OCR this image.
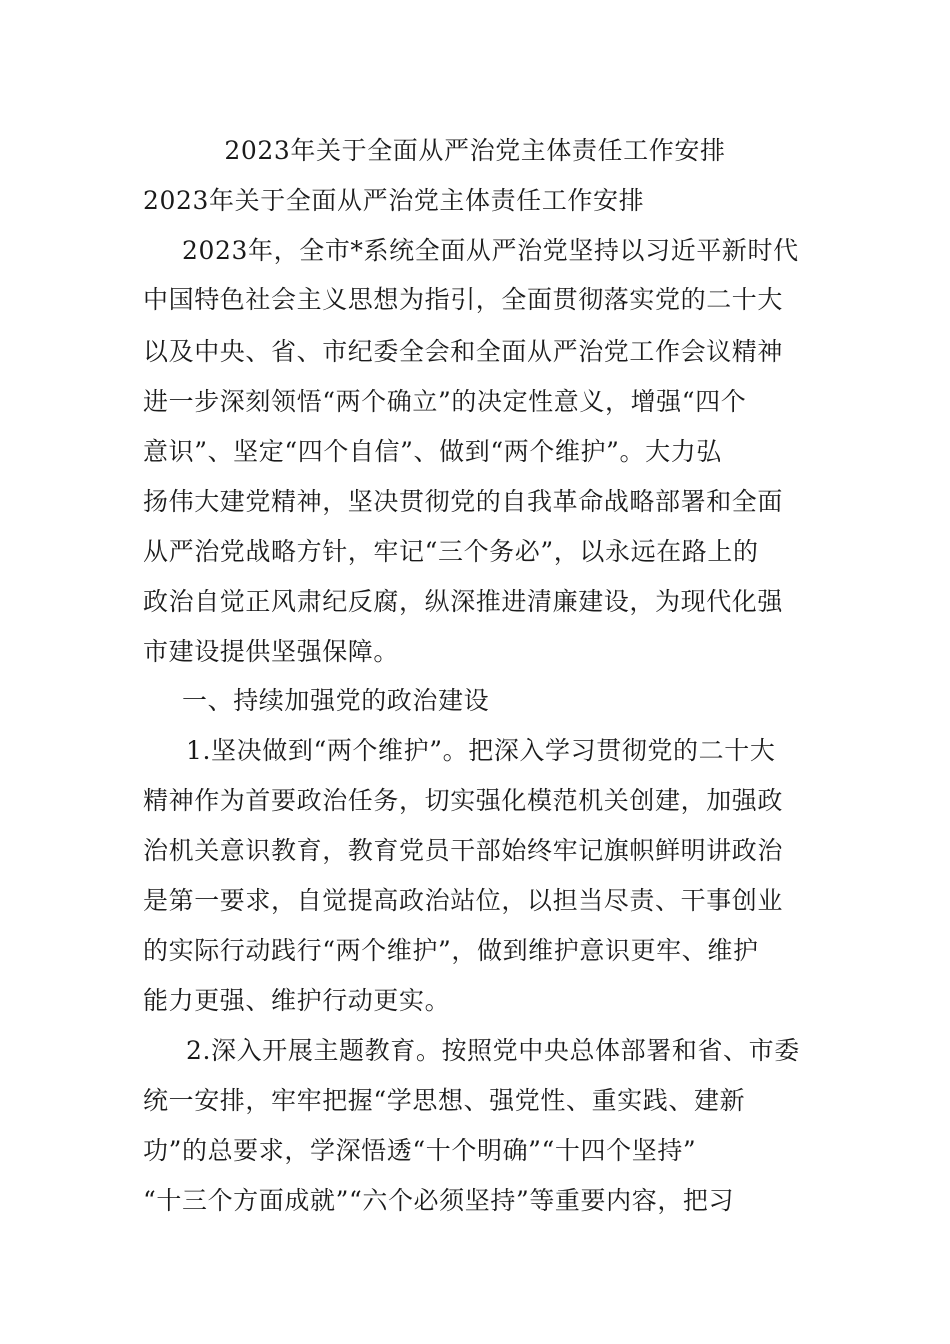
2023年关于全面从严治党主体责任工作安排
2023年关于全面从严治党主体责任工作安排
2023年，全市*系统全面从严治党坚持以习近平新时代
中国特色社会主义思想为指引，全面贯彻落实党的二十大
以及中央、省、市纪委全会和全面从严治党工作会议精神
进一步深刻领悟“两个确立”的决定性意义，增强“四个
意识”、坚定“四个自信”、做到“两个维护”。大力弘
扬伟大建党精神，坚决贯彻党的自我革命战略部署和全面
从严治党战略方针，牢记“三个务必”，以永远在路上的
政治自觉正风肃纪反腐，纵深推进清廉建设，为现代化强
市建设提供坚强保障。
一、持续加强党的政治建设
1.坚决做到“两个维护”。把深入学习贯彻党的二十大
精神作为首要政治任务，切实强化模范机关创建，加强政
治机关意识教育，教育党员干部始终牢记旗帜鲜明讲政治
是第一要求，自觉提高政治站位，以担当尽责、干事创业
的实际行动践行“两个维护”，做到维护意识更牢、维护
能力更强、维护行动更实。
2.深入开展主题教育。按照党中央总体部署和省、市委
统一安排，牢牢把握“学思想、强党性、重实践、建新
功”的总要求，学深悟透“十个明确”“十四个坚持”
“十三个方面成就”“六个必须坚持”等重要内容，把习
